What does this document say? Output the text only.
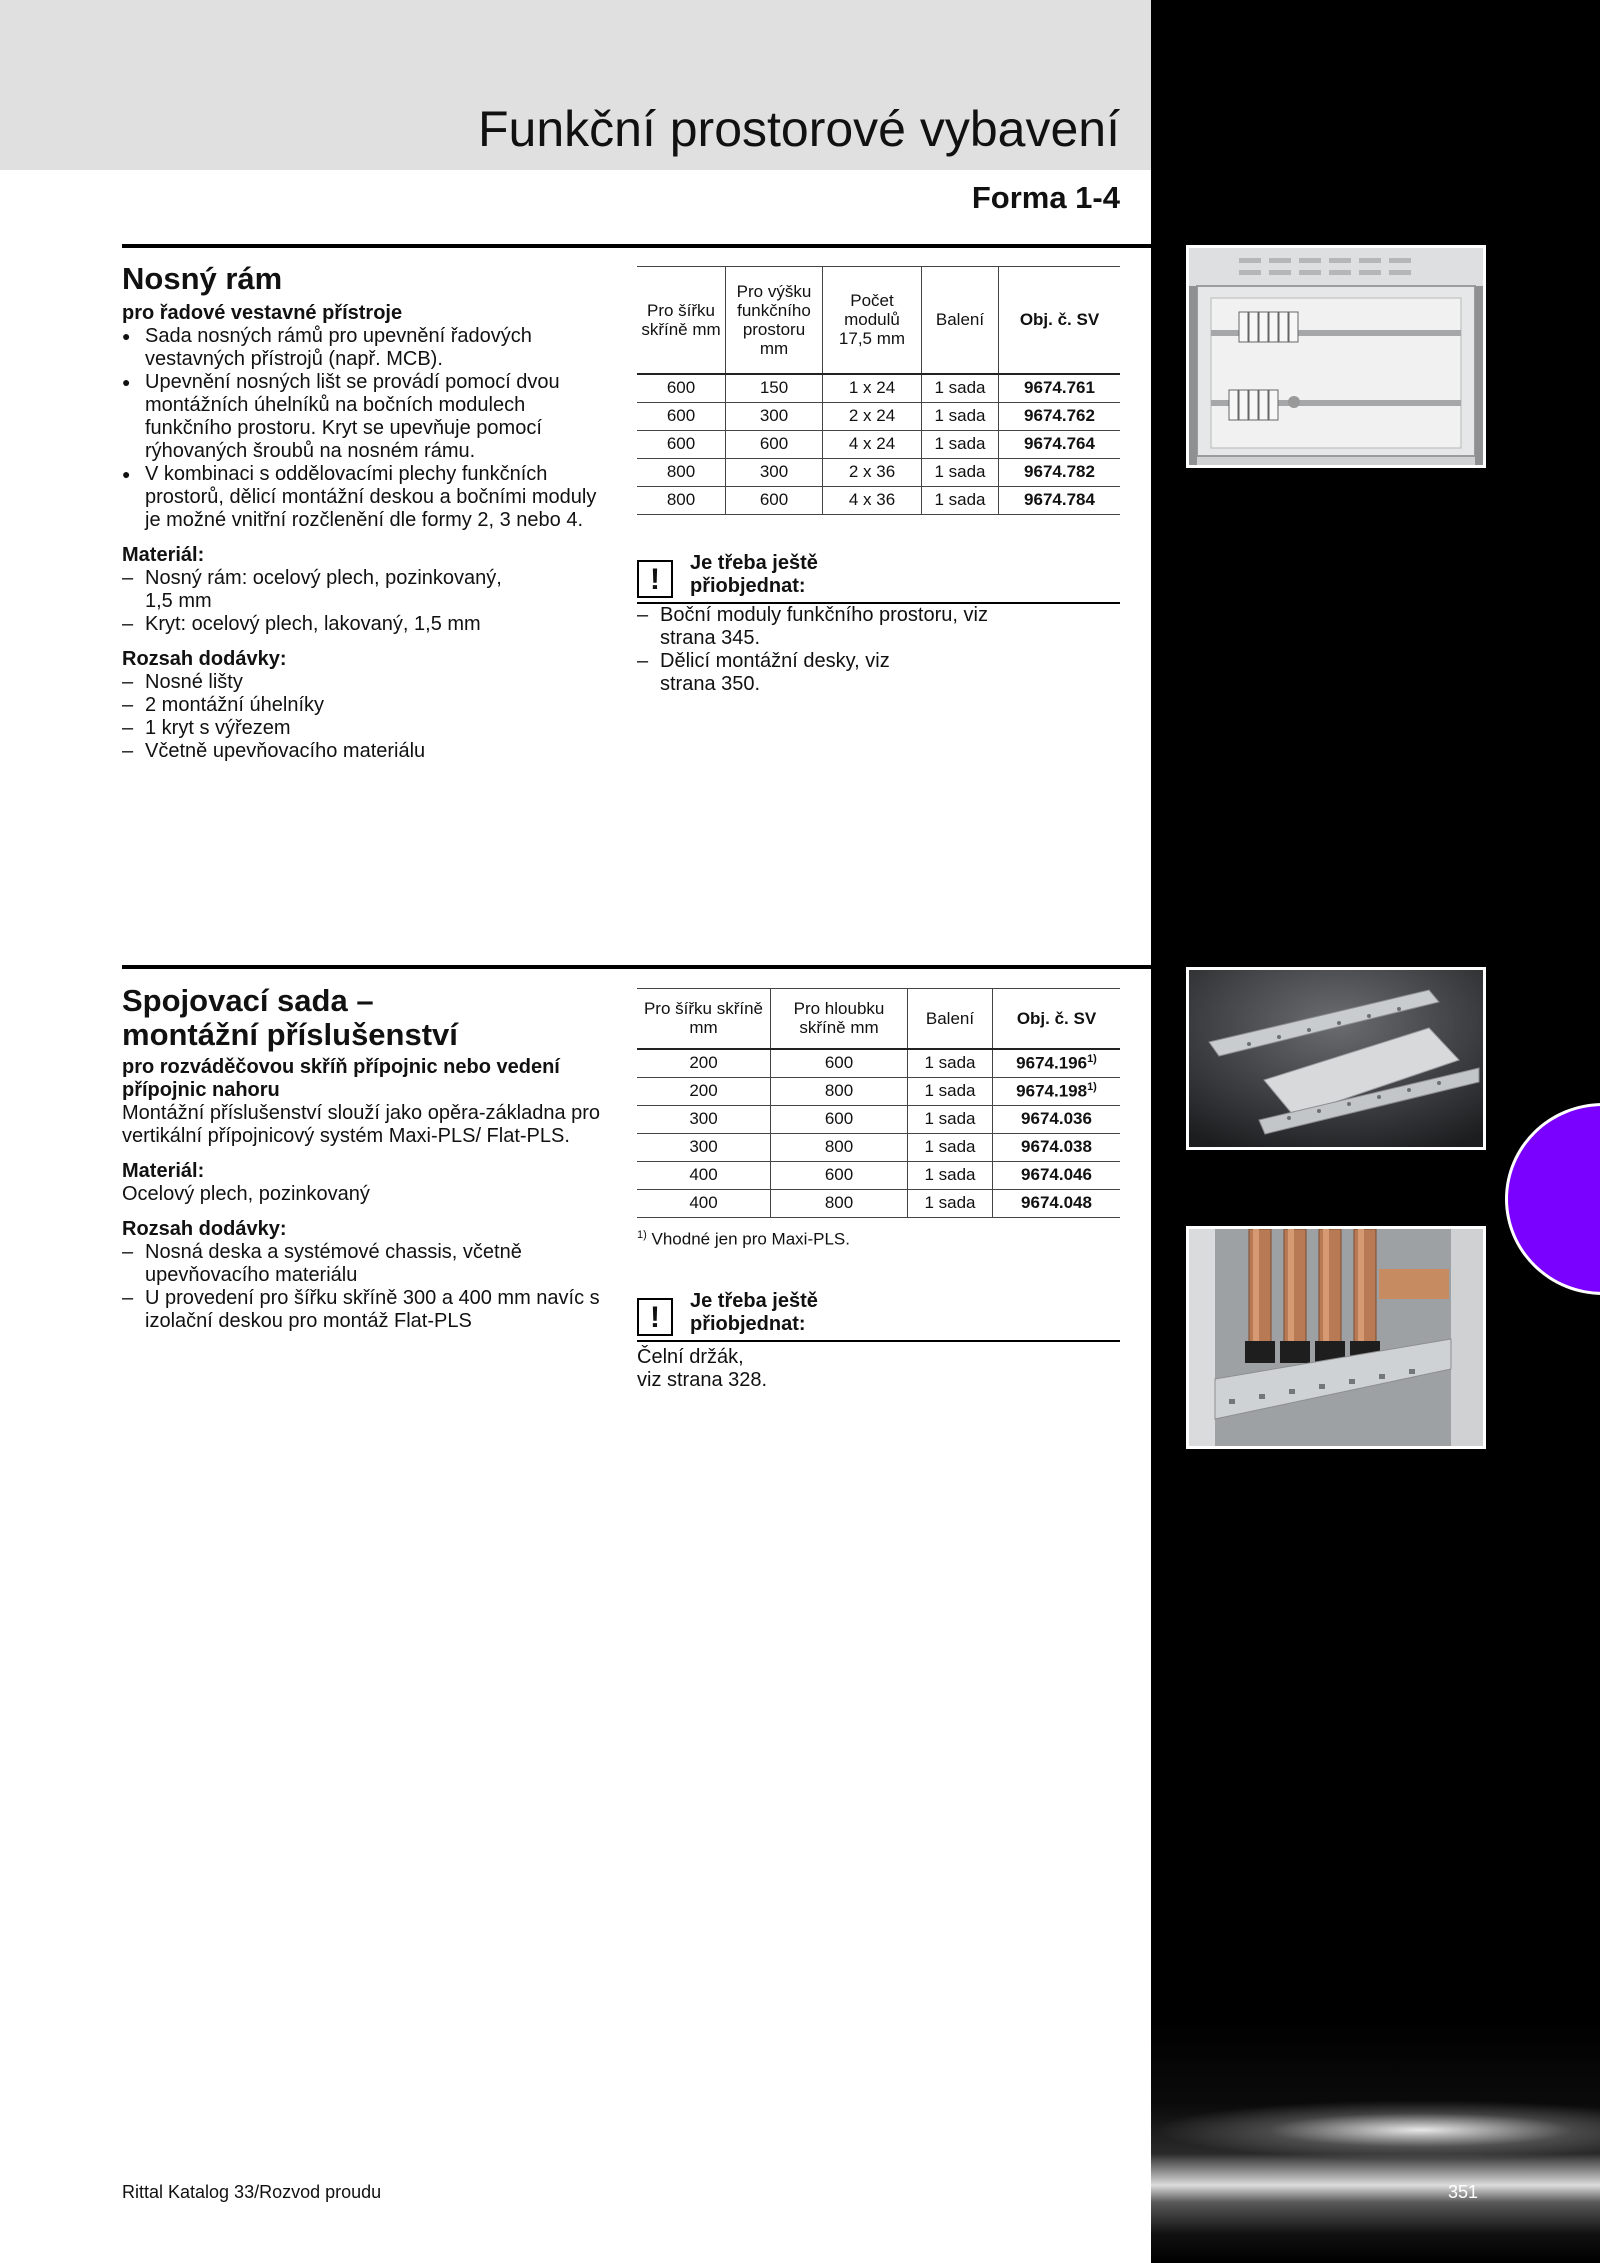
Funkční prostorové vybavení
Forma 1-4
Nosný rám
pro řadové vestavné přístroje
● Sada nosných rámů pro upevnění řadových vestavných přístrojů (např. MCB).
● Upevnění nosných lišt se provádí pomocí dvou montážních úhelníků na bočních modulech funkčního prostoru. Kryt se upevňuje pomocí rýhovaných šroubů na nosném rámu.
● V kombinaci s oddělovacími plechy funkčních prostorů, dělicí montážní deskou a bočními moduly je možné vnitřní rozčlenění dle formy 2, 3 nebo 4.
Materiál:
– Nosný rám: ocelový plech, pozinkovaný, 1,5 mm
– Kryt: ocelový plech, lakovaný, 1,5 mm
Rozsah dodávky:
– Nosné lišty
– 2 montážní úhelníky
– 1 kryt s výřezem
– Včetně upevňovacího materiálu
Pro šířku skříně mm	Pro výšku funkčního prostoru mm	Počet modulů 17,5 mm	Balení	Obj. č. SV
600	150	1 x 24	1 sada	9674.761
600	300	2 x 24	1 sada	9674.762
600	600	4 x 24	1 sada	9674.764
800	300	2 x 36	1 sada	9674.782
800	600	4 x 36	1 sada	9674.784
!	Je třeba ještě
přiobjednat:
– Boční moduly funkčního prostoru, viz strana 345.
– Dělicí montážní desky, viz strana 350.
Spojovací sada –
montážní příslušenství
pro rozváděčovou skříň přípojnic nebo vedení přípojnic nahoru
Montážní příslušenství slouží jako opěra-základna pro vertikální přípojnicový systém Maxi-PLS/ Flat-PLS.
Materiál:
Ocelový plech, pozinkovaný
Rozsah dodávky:
– Nosná deska a systémové chassis, včetně upevňovacího materiálu
– U provedení pro šířku skříně 300 a 400 mm navíc s izolační deskou pro montáž Flat-PLS
Pro šířku skříně mm	Pro hloubku skříně mm	Balení	Obj. č. SV
200	600	1 sada	9674.196$^{1)}$
200	800	1 sada	9674.198$^{1)}$
300	600	1 sada	9674.036
300	800	1 sada	9674.038
400	600	1 sada	9674.046
400	800	1 sada	9674.048
$^{1)}$ Vhodné jen pro Maxi-PLS.
!	Je třeba ještě
přiobjednat:
Čelní držák,
viz strana 328.
Rittal Katalog 33/Rozvod proudu	351
